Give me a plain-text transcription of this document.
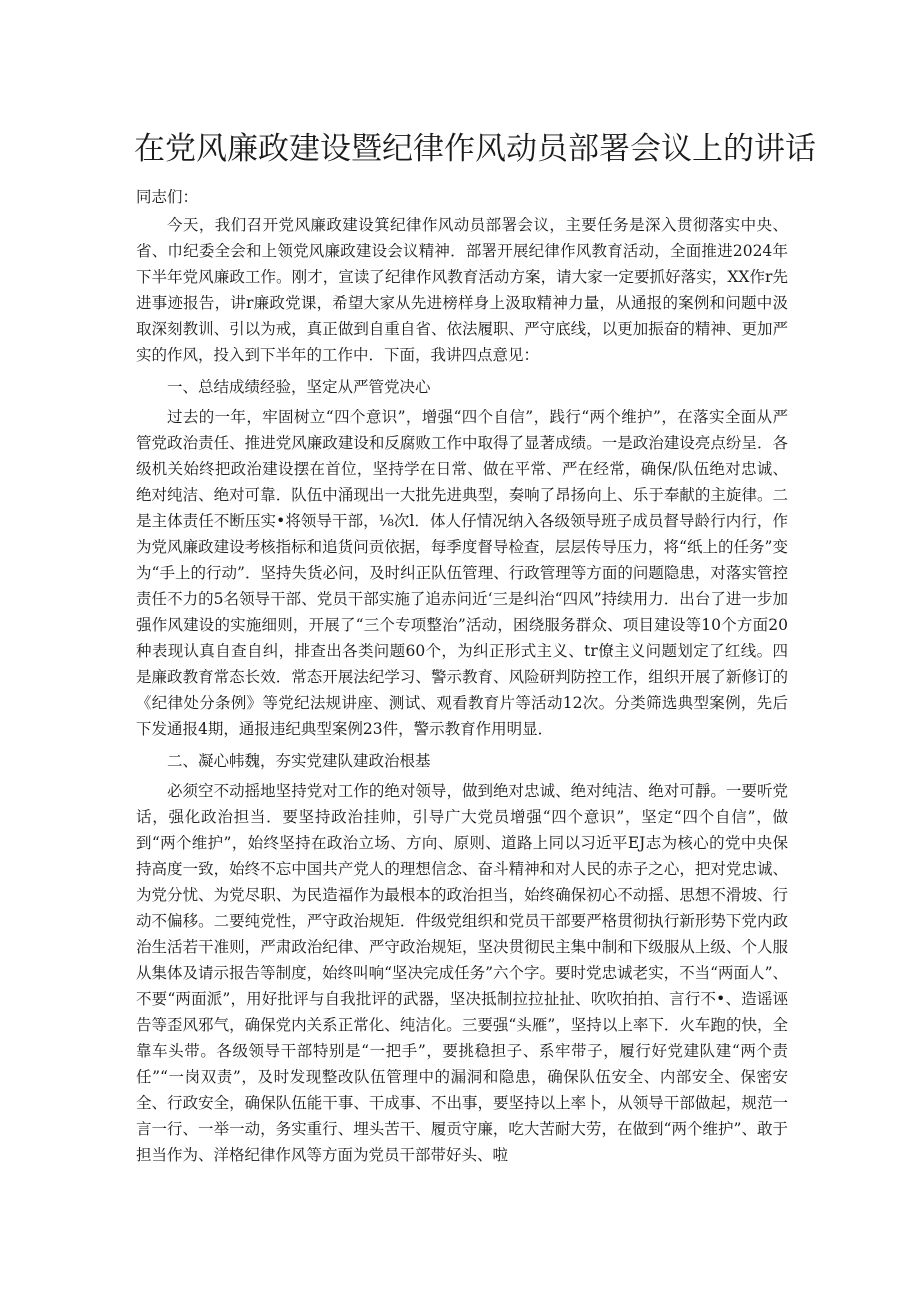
在党风廉政建设暨纪律作风动员部署会议上的讲话

同志们：

今天，我们召开党风廉政建设箕纪律作风动员部署会议，主要任务是深入贯彻落实中央、省、巾纪委全会和上领党风廉政建设会议精神．部署开展纪律作风教育活动，全面推进2024年下半年党风廉政工作。刚才，宣读了纪律作风教育活动方案，请大家一定要抓好落实，XX作r先进事迹报告，讲r廉政党课，希望大家从先进榜样身上汲取精神力量，从通报的案例和问题中汲取深刻教训、引以为戒，真正做到自重自省、依法履职、严守底线，以更加振奋的精神、更加严实的作风，投入到下半年的工作中．下面，我讲四点意见：

一、总结成绩经验，坚定从严管党决心

过去的一年，牢固树立“四个意识”，增强“四个自信”，践行“两个维护”，在落实全面从严管党政治责任、推进党风廉政建设和反腐败工作中取得了显著成绩。一是政治建设亮点纷呈．各级机关始终把政治建设摆在首位，坚持学在日常、做在平常、严在经常，确保/队伍绝对忠诚、绝对纯洁、绝对可靠．队伍中涌现出一大批先进典型，奏响了昂扬向上、乐于奉献的主旋律。二是主体责任不断压实•将领导干部，⅛次l．体人仔情况纳入各级领导班子成员督导龄行内行，作为党风廉政建设考核指标和追货问贡依据，每季度督导检查，层层传导压力，将“纸上的任务”变为“手上的行动”．坚持失货必问，及时纠正队伍管理、行政管理等方面的问题隐患，对落实管控责任不力的5名领导干部、党员干部实施了追赤问近‘三是纠治“四风”持续用力．出台了进一步加强作风建设的实施细则，开展了“三个专项整治”活动，困绕服务群众、项目建设等10个方面20种表现认真自查自纠，排查出各类问题60个，为纠正形式主义、tr僚主义问题划定了红线。四是廉政教育常态长效．常态开展法纪学习、警示教育、风险研判防控工作，组织开展了新修订的《纪律处分条例》等党纪法规讲座、测试、观看教育片等活动12次。分类筛选典型案例，先后下发通报4期，通报违纪典型案例23件，警示教育作用明显．

二、凝心帏魏，夯实党建队建政治根基

必须空不动摇地坚持党对工作的绝对领导，做到绝对忠诚、绝对纯洁、绝对可靜。一要听党话，强化政治担当．要坚持政治挂帅，引导广大党员增强“四个意识”，坚定“四个自信”，做到“两个维护”，始终坚持在政治立场、方向、原则、道路上同以习近平EJ志为核心的党中央保持高度一致，始终不忘中国共产党人的理想信念、奋斗精神和对人民的赤子之心，把对党忠诚、为党分忧、为党尽职、为民造福作为最根本的政治担当，始终确保初心不动摇、思想不滑坡、行动不偏移。二要纯党性，严守政治规矩．件级党组织和党员干部要严格贯彻执行新形势下党内政治生活若干准则，严肃政治纪律、严守政治规矩，坚决贯彻民主集中制和下级服从上级、个人服从集体及请示报告等制度，始终叫响“坚决完成任务”六个字。要时党忠诚老实，不当“两面人”、不要“两面派”，用好批评与自我批评的武器，坚决抵制拉拉扯扯、吹吹拍拍、言行不•、造谣诬告等歪风邪气，确保党内关系正常化、纯洁化。三要强“头雁”，坚持以上率下．火车跑的快，全靠车头带。各级领导干部特别是“一把手”，要挑稳担子、系牢带子，履行好党建队建“两个责任”“一岗双责”，及时发现整改队伍管理中的漏洞和隐患，确保队伍安全、内部安全、保密安全、行政安全，确保队伍能干事、干成事、不出事，要坚持以上率卜，从领导干部做起，规范一言一行、一举一动，务实重行、埋头苦干、履贡守廉，吃大苦耐大劳，在做到“两个维护”、敢于担当作为、洋格纪律作风等方面为党员干部带好头、啦
